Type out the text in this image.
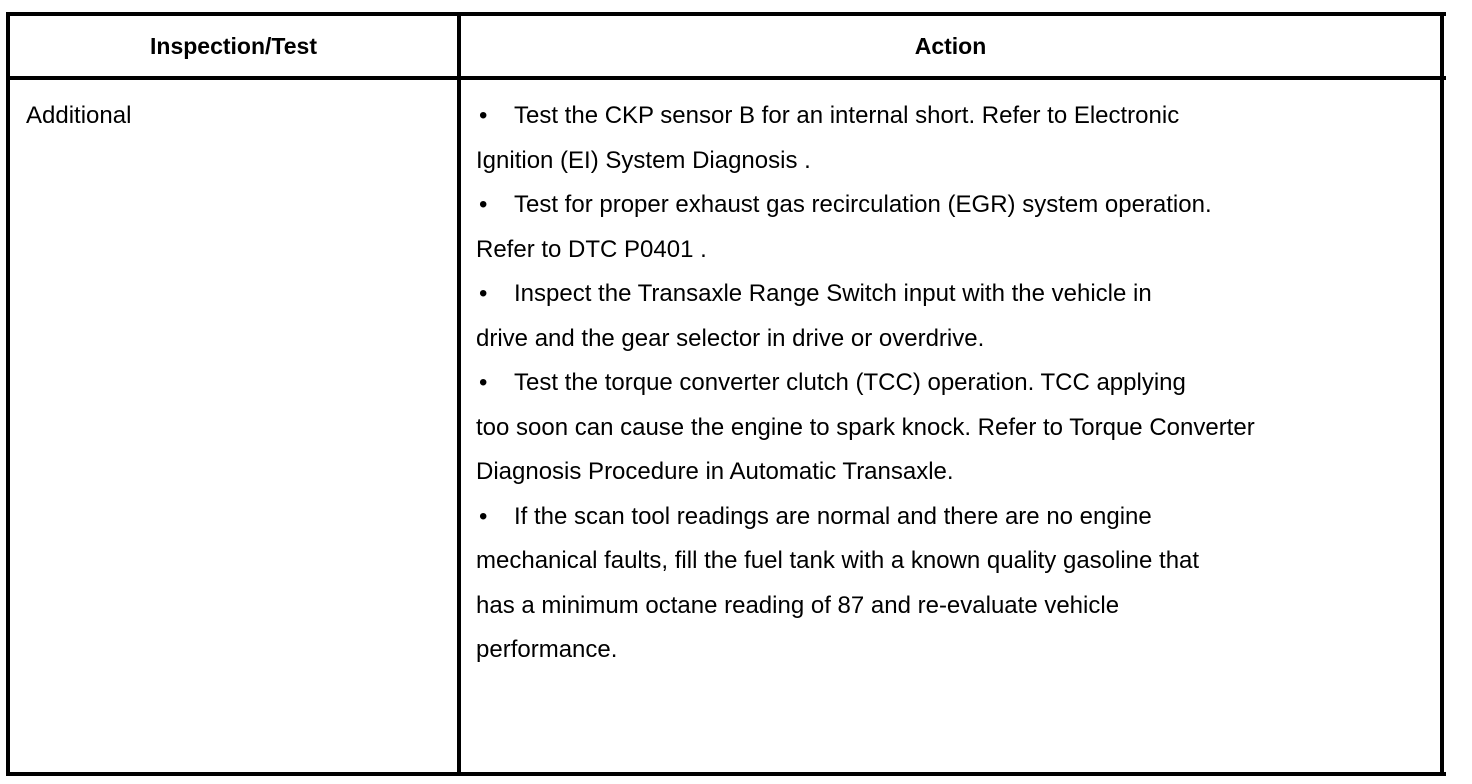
Inspection/Test	Action
Additional	• Test the CKP sensor B for an internal short. Refer to Electronic
Ignition (EI) System Diagnosis .
• Test for proper exhaust gas recirculation (EGR) system operation.
Refer to DTC P0401 .
• Inspect the Transaxle Range Switch input with the vehicle in
drive and the gear selector in drive or overdrive.
• Test the torque converter clutch (TCC) operation. TCC applying
too soon can cause the engine to spark knock. Refer to Torque Converter
Diagnosis Procedure in Automatic Transaxle.
• If the scan tool readings are normal and there are no engine
mechanical faults, fill the fuel tank with a known quality gasoline that
has a minimum octane reading of 87 and re-evaluate vehicle
performance.
